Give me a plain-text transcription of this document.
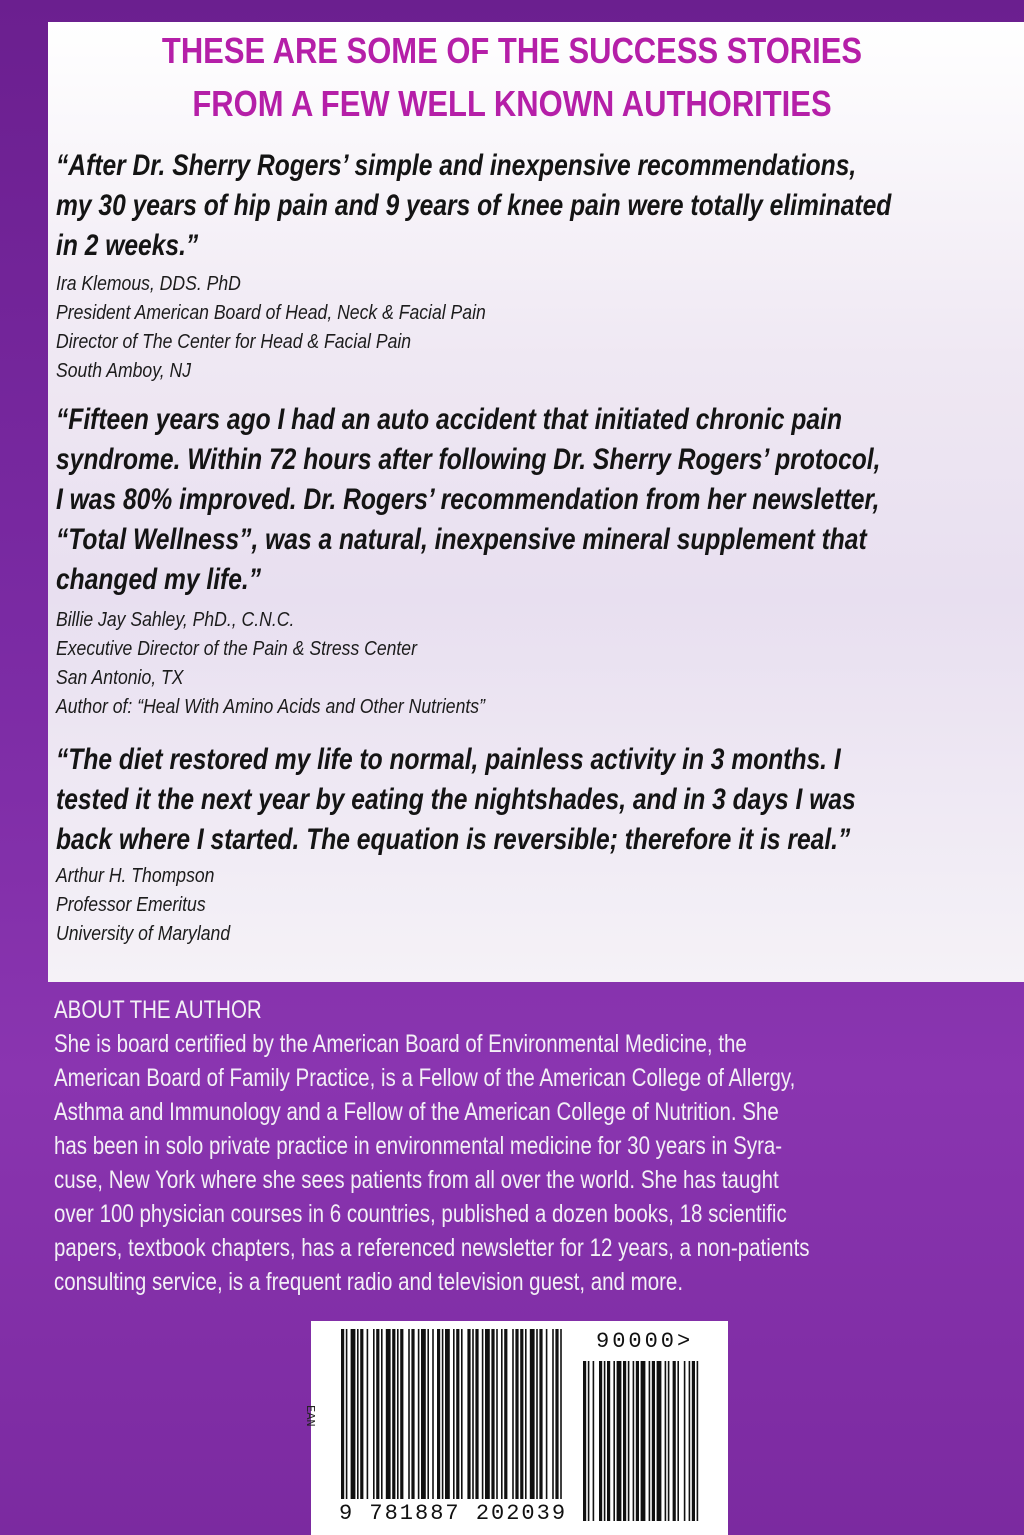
THESE ARE SOME OF THE SUCCESS STORIES
FROM A FEW WELL KNOWN AUTHORITIES
“After Dr. Sherry Rogers’ simple and inexpensive recommendations,
my 30 years of hip pain and 9 years of knee pain were totally eliminated
in 2 weeks.”
Ira Klemous, DDS. PhD
President American Board of Head, Neck & Facial Pain
Director of The Center for Head & Facial Pain
South Amboy, NJ
“Fifteen years ago I had an auto accident that initiated chronic pain
syndrome. Within 72 hours after following Dr. Sherry Rogers’ protocol,
I was 80% improved. Dr. Rogers’ recommendation from her newsletter,
“Total Wellness”, was a natural, inexpensive mineral supplement that
changed my life.”
Billie Jay Sahley, PhD., C.N.C.
Executive Director of the Pain & Stress Center
San Antonio, TX
Author of: “Heal With Amino Acids and Other Nutrients”
“The diet restored my life to normal, painless activity in 3 months. I
tested it the next year by eating the nightshades, and in 3 days I was
back where I started. The equation is reversible; therefore it is real.”
Arthur H. Thompson
Professor Emeritus
University of Maryland
ABOUT THE AUTHOR
She is board certified by the American Board of Environmental Medicine, the
American Board of Family Practice, is a Fellow of the American College of Allergy,
Asthma and Immunology and a Fellow of the American College of Nutrition. She
has been in solo private practice in environmental medicine for 30 years in Syra-
cuse, New York where she sees patients from all over the world. She has taught
over 100 physician courses in 6 countries, published a dozen books, 18 scientific
papers, textbook chapters, has a referenced newsletter for 12 years, a non-patients
consulting service, is a frequent radio and television guest, and more.
EAN
90000>
9 781887 202039
